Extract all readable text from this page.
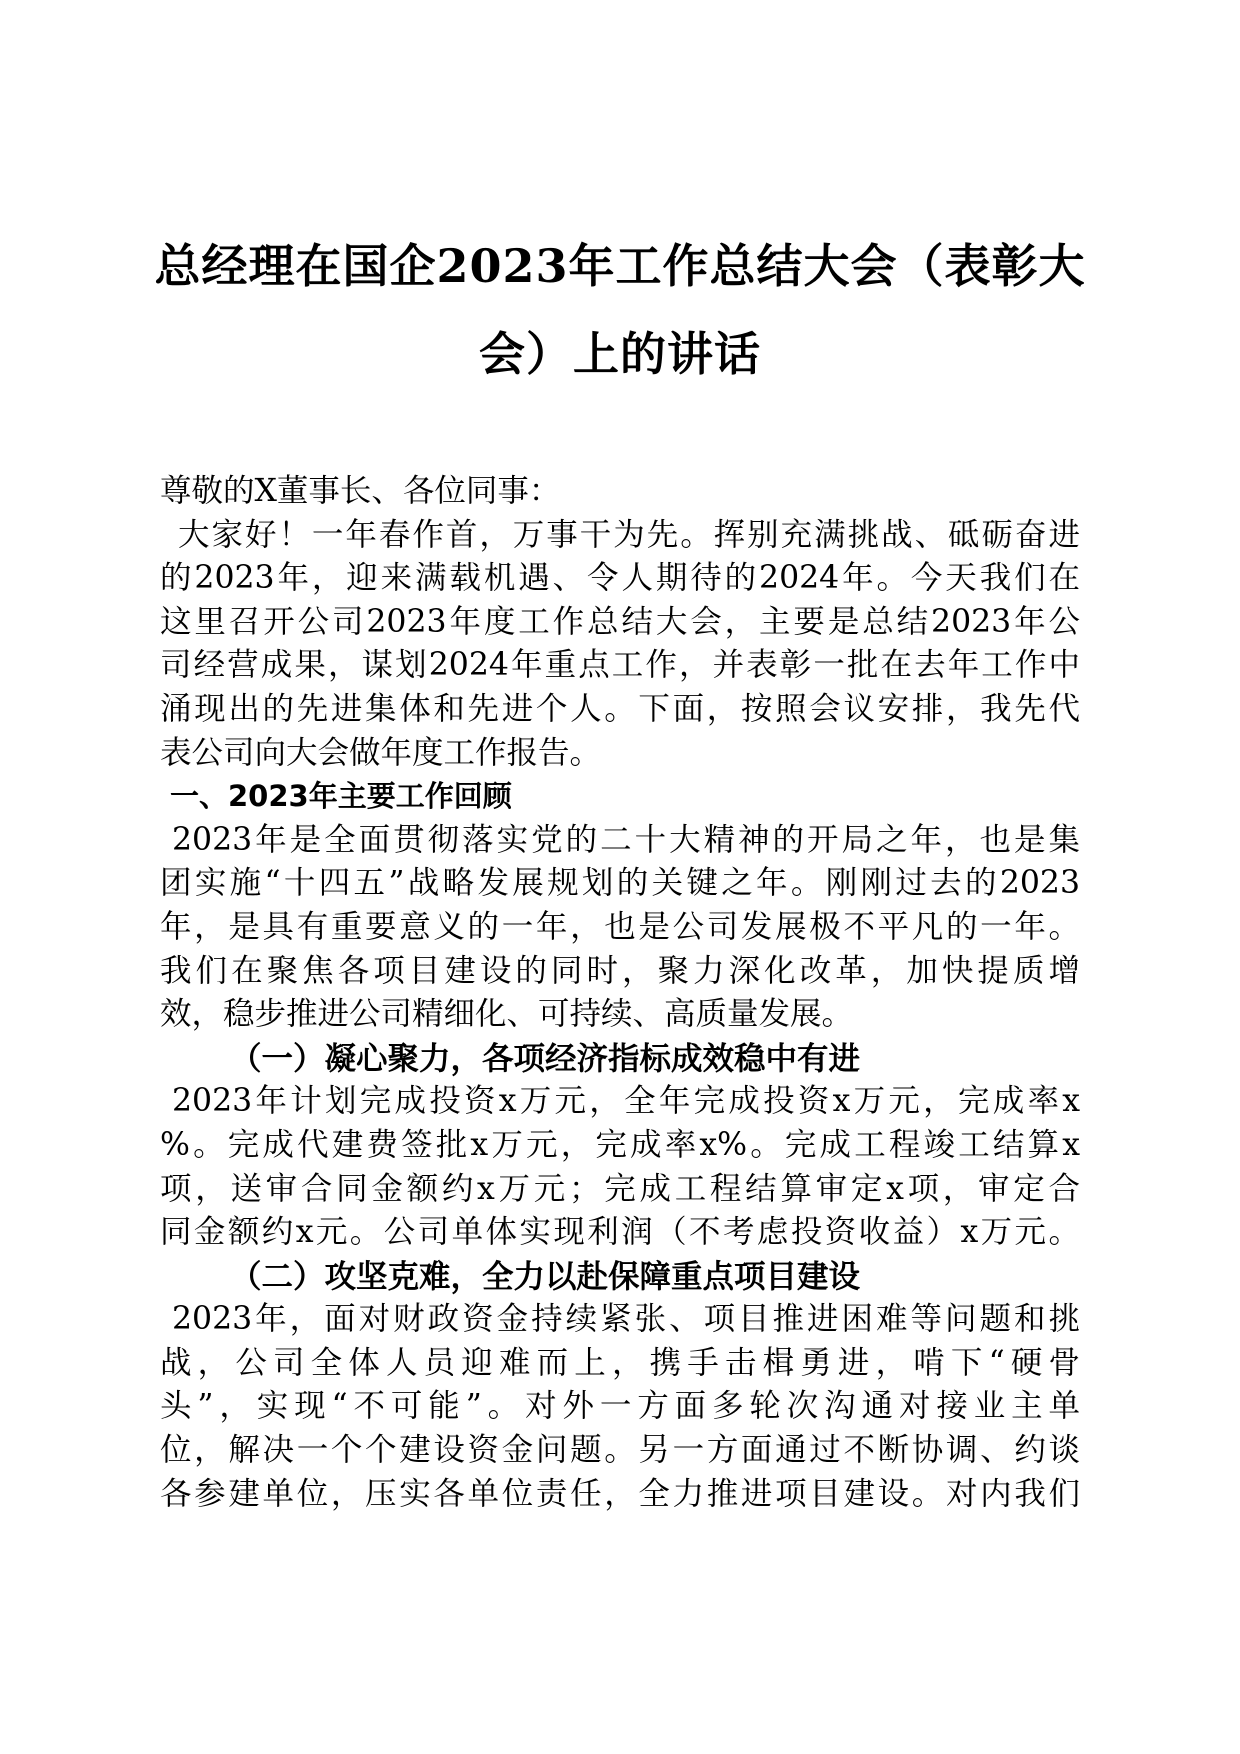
总经理在国企2023年工作总结大会（表彰大
会）上的讲话
尊敬的X董事长、各位同事：
大家好！一年春作首，万事干为先。挥别充满挑战、砥砺奋进
的2023年，迎来满载机遇、令人期待的2024年。今天我们在
这里召开公司2023年度工作总结大会，主要是总结2023年公
司经营成果，谋划2024年重点工作，并表彰一批在去年工作中
涌现出的先进集体和先进个人。下面，按照会议安排，我先代
表公司向大会做年度工作报告。
一、2023年主要工作回顾
2023年是全面贯彻落实党的二十大精神的开局之年，也是集
团实施“十四五”战略发展规划的关键之年。刚刚过去的2023
年，是具有重要意义的一年，也是公司发展极不平凡的一年。
我们在聚焦各项目建设的同时，聚力深化改革，加快提质增
效，稳步推进公司精细化、可持续、高质量发展。
（一）凝心聚力，各项经济指标成效稳中有进
2023年计划完成投资x万元，全年完成投资x万元，完成率x
%。完成代建费签批x万元，完成率x%。完成工程竣工结算x
项，送审合同金额约x万元；完成工程结算审定x项，审定合
同金额约x元。公司单体实现利润（不考虑投资收益）x万元。
（二）攻坚克难，全力以赴保障重点项目建设
2023年，面对财政资金持续紧张、项目推进困难等问题和挑
战，公司全体人员迎难而上，携手击楫勇进，啃下“硬骨
头”，实现“不可能”。对外一方面多轮次沟通对接业主单
位，解决一个个建设资金问题。另一方面通过不断协调、约谈
各参建单位，压实各单位责任，全力推进项目建设。对内我们
